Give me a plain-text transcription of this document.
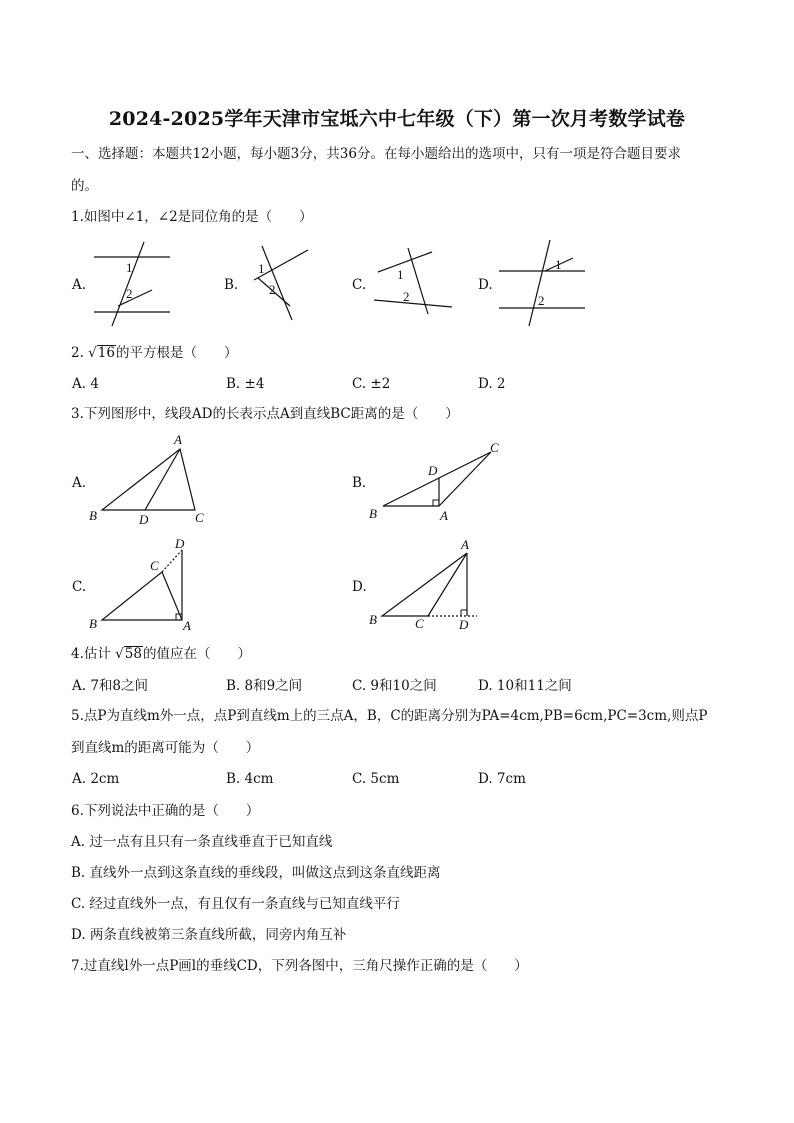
2024-2025学年天津市宝坻六中七年级（下）第一次月考数学试卷
一、选择题：本题共12小题，每小题3分，共36分。在每小题给出的选项中，只有一项是符合题目要求
的。
1.如图中∠1，∠2是同位角的是（　　）
A.
1
2
B.
1
2	C.
1
2
D.
1
2
2. √16的平方根是（　　）
A. 4	B. ±4	C. ±2	D. 2
3.下列图形中，线段AD的长表示点A到直线BC距离的是（　　）
A.
A
B	D	C
B.
B	A
D
C
C.
D
C
B	A
D.
A
B	C	D
4.估计 √58的值应在（　　）
A. 7和8之间	B. 8和9之间	C. 9和10之间	D. 10和11之间
5.点P为直线m外一点，点P到直线m上的三点A，B，C的距离分别为PA=4cm,PB=6cm,PC=3cm,则点P
到直线m的距离可能为（　　）
A. 2cm	B. 4cm	C. 5cm	D. 7cm
6.下列说法中正确的是（　　）
A. 过一点有且只有一条直线垂直于已知直线
B. 直线外一点到这条直线的垂线段，叫做这点到这条直线距离
C. 经过直线外一点，有且仅有一条直线与已知直线平行
D. 两条直线被第三条直线所截，同旁内角互补
7.过直线l外一点P画l的垂线CD，下列各图中，三角尺操作正确的是（　　）
